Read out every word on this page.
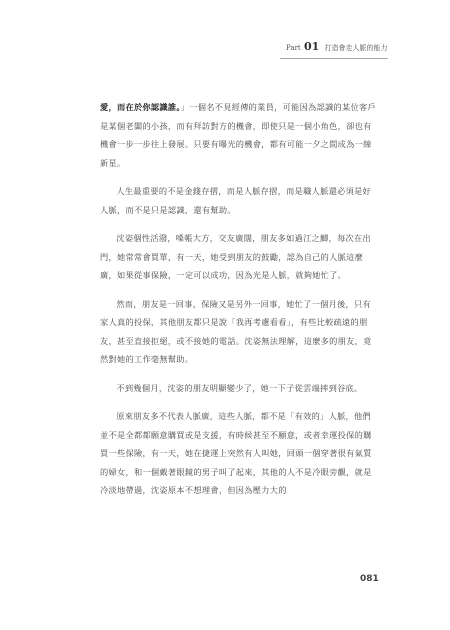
Part 01 打造會走人脈的能力

愛，而在於你認識誰。」一個名不見經傳的業員，可能因為認識的某位客戶是某個老闆的小孩，而有拜訪對方的機會，即使只是一個小角色，卻也有機會一步一步往上發展。只要有曝光的機會，都有可能一夕之間成為一線新星。

人生最重要的不是金錢存摺，而是人脈存摺，而是職人脈還必須是好人脈，而不是只是認識，還有幫助。

沈姿個性活潑，嗓帳大方，交友廣闊，朋友多如過江之鯽，每次在出門，她常常會買單，有一天，她受到朋友的鼓勵，認為自己的人脈這麼廣，如果從事保險，一定可以成功，因為光是人脈，就夠她忙了。

然而，朋友是一回事，保險又是另外一回事，她忙了一個月後，只有家人真的投保，其他朋友都只是說「我再考慮看看」，有些比較疏遠的朋友，甚至直接拒絕，或不接她的電話。沈姿無法理解，這麼多的朋友，竟然對她的工作毫無幫助。

不到幾個月，沈姿的朋友明顯變少了，她一下子從雲端摔到谷底。

原來朋友多不代表人脈廣，這些人脈，都不是「有效的」人脈，他們並不是全都都願意購買或是支援，有時候甚至不願意，或者幸運投保的購買一些保險，有一天，她在捷運上突然有人叫她，回頭一個穿著很有氣質的婦女，和一個戴著眼鏡的男子叫了起來，其他的人不是冷眼旁觀，就是冷淡地帶過，沈姿原本不想理會，但因為壓力大的

081
